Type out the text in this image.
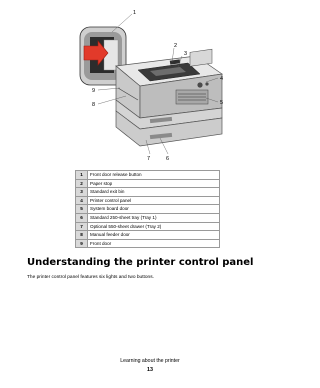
1
2
3
4
5
6
7
8
9
1	Front door release button
2	Paper stop
3	Standard exit bin
4	Printer control panel
5	System board door
6	Standard 250-sheet tray (Tray 1)
7	Optional 550-sheet drawer (Tray 2)
8	Manual feeder door
9	Front door
Understanding the printer control panel

The printer control panel features six lights and two buttons.

Learning about the printer
13
